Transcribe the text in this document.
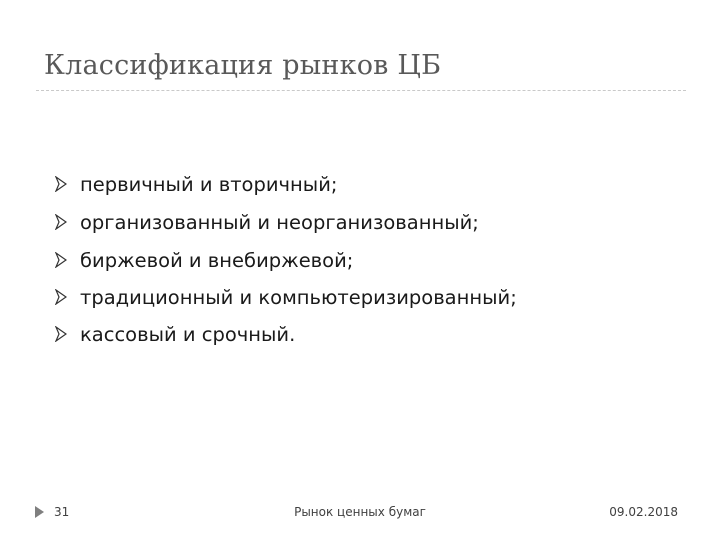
Классификация рынков ЦБ
первичный и вторичный;
организованный и неорганизованный;
биржевой и внебиржевой;
традиционный и компьютеризированный;
кассовый и срочный.
31	Рынок ценных бумаг	09.02.2018
